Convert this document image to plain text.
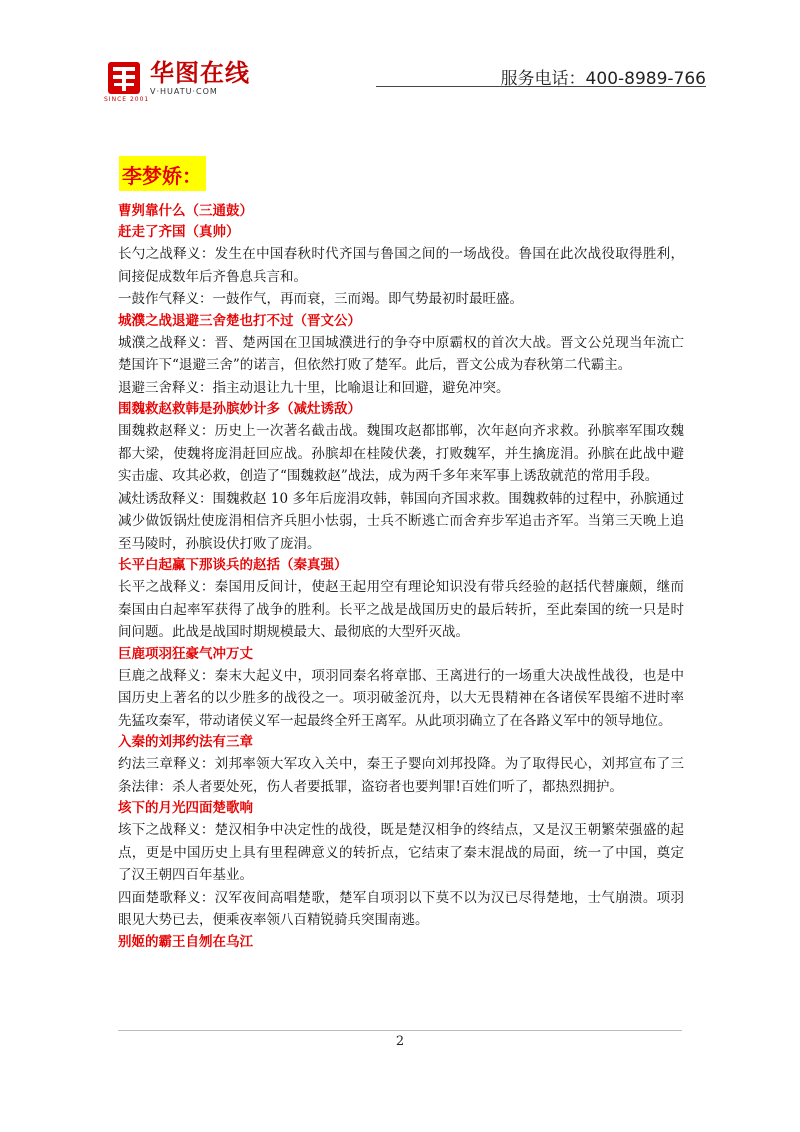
华图在线
V·HUATU·COM
SINCE 2001
服务电话：400-8989-766
李梦娇：
曹刿靠什么（三通鼓）
赶走了齐国（真帅）
长勺之战释义：发生在中国春秋时代齐国与鲁国之间的一场战役。鲁国在此次战役取得胜利，间接促成数年后齐鲁息兵言和。
一鼓作气释义：一鼓作气，再而衰，三而竭。即气势最初时最旺盛。
城濮之战退避三舍楚也打不过（晋文公）
城濮之战释义：晋、楚两国在卫国城濮进行的争夺中原霸权的首次大战。晋文公兑现当年流亡楚国许下“退避三舍”的诺言，但依然打败了楚军。此后，晋文公成为春秋第二代霸主。
退避三舍释义：指主动退让九十里，比喻退让和回避，避免冲突。
围魏救赵救韩是孙膑妙计多（减灶诱敌）
围魏救赵释义：历史上一次著名截击战。魏围攻赵都邯郸，次年赵向齐求救。孙膑率军围攻魏都大梁，使魏将庞涓赶回应战。孙膑却在桂陵伏袭，打败魏军，并生擒庞涓。孙膑在此战中避实击虚、攻其必救，创造了“围魏救赵”战法，成为两千多年来军事上诱敌就范的常用手段。
减灶诱敌释义：围魏救赵 10 多年后庞涓攻韩，韩国向齐国求救。围魏救韩的过程中，孙膑通过减少做饭锅灶使庞涓相信齐兵胆小怯弱，士兵不断逃亡而舍弃步军追击齐军。当第三天晚上追至马陵时，孙膑设伏打败了庞涓。
长平白起赢下那谈兵的赵括（秦真强）
长平之战释义：秦国用反间计，使赵王起用空有理论知识没有带兵经验的赵括代替廉颇，继而秦国由白起率军获得了战争的胜利。长平之战是战国历史的最后转折，至此秦国的统一只是时间问题。此战是战国时期规模最大、最彻底的大型歼灭战。
巨鹿项羽狂豪气冲万丈
巨鹿之战释义：秦末大起义中，项羽同秦名将章邯、王离进行的一场重大决战性战役，也是中国历史上著名的以少胜多的战役之一。项羽破釜沉舟，以大无畏精神在各诸侯军畏缩不进时率先猛攻秦军，带动诸侯义军一起最终全歼王离军。从此项羽确立了在各路义军中的领导地位。
入秦的刘邦约法有三章
约法三章释义：刘邦率领大军攻入关中，秦王子婴向刘邦投降。为了取得民心，刘邦宣布了三条法律：杀人者要处死，伤人者要抵罪，盗窃者也要判罪!百姓们听了，都热烈拥护。
垓下的月光四面楚歌响
垓下之战释义：楚汉相争中决定性的战役，既是楚汉相争的终结点，又是汉王朝繁荣强盛的起点，更是中国历史上具有里程碑意义的转折点，它结束了秦末混战的局面，统一了中国，奠定了汉王朝四百年基业。
四面楚歌释义：汉军夜间高唱楚歌，楚军自项羽以下莫不以为汉已尽得楚地，士气崩溃。项羽眼见大势已去，便乘夜率领八百精锐骑兵突围南逃。
别姬的霸王自刎在乌江
2
